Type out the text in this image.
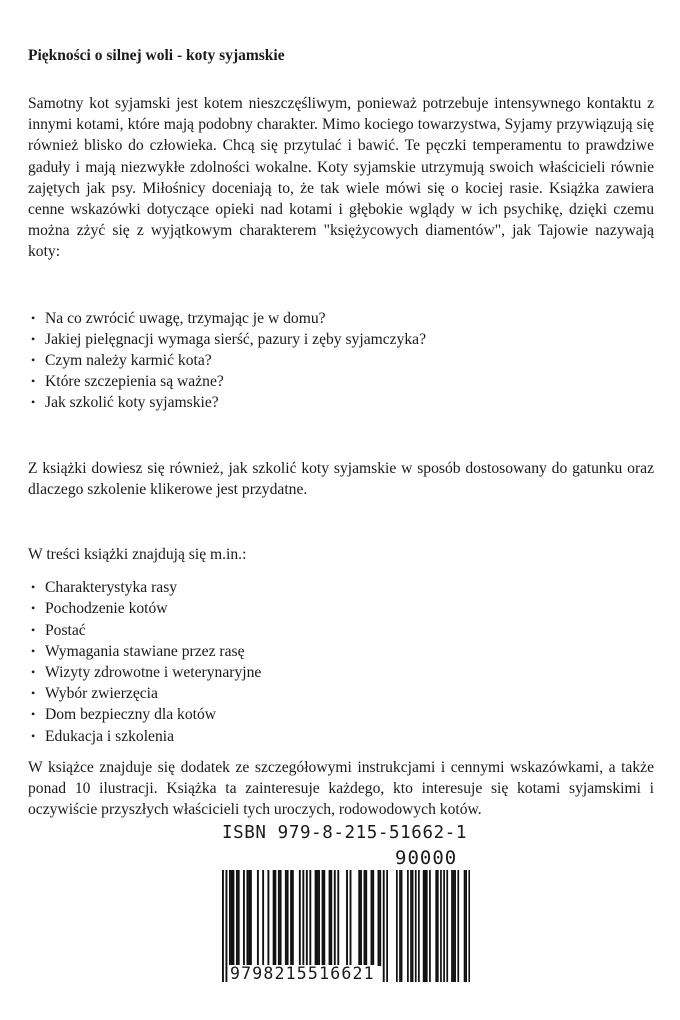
Piękności o silnej woli - koty syjamskie

Samotny kot syjamski jest kotem nieszczęśliwym, ponieważ potrzebuje intensywnego kontaktu z innymi kotami, które mają podobny charakter. Mimo kociego towarzystwa, Syjamy przywiązują się również blisko do człowieka. Chcą się przytulać i bawić. Te pęczki temperamentu to prawdziwe gaduły i mają niezwykłe zdolności wokalne. Koty syjamskie utrzymują swoich właścicieli równie zajętych jak psy. Miłośnicy doceniają to, że tak wiele mówi się o kociej rasie. Książka zawiera cenne wskazówki dotyczące opieki nad kotami i głębokie wglądy w ich psychikę, dzięki czemu można zżyć się z wyjątkowym charakterem "księżycowych diamentów", jak Tajowie nazywają koty:

• Na co zwrócić uwagę, trzymając je w domu?
• Jakiej pielęgnacji wymaga sierść, pazury i zęby syjamczyka?
• Czym należy karmić kota?
• Które szczepienia są ważne?
• Jak szkolić koty syjamskie?

Z książki dowiesz się również, jak szkolić koty syjamskie w sposób dostosowany do gatunku oraz dlaczego szkolenie klikerowe jest przydatne.

W treści książki znajdują się m.in.:

• Charakterystyka rasy
• Pochodzenie kotów
• Postać
• Wymagania stawiane przez rasę
• Wizyty zdrowotne i weterynaryjne
• Wybór zwierzęcia
• Dom bezpieczny dla kotów
• Edukacja i szkolenia

W książce znajduje się dodatek ze szczegółowymi instrukcjami i cennymi wskazówkami, a także ponad 10 ilustracji. Książka ta zainteresuje każdego, kto interesuje się kotami syjamskimi i oczywiście przyszłych właścicieli tych uroczych, rodowodowych kotów.

ISBN 979-8-215-51662-1
90000
9798215516621
